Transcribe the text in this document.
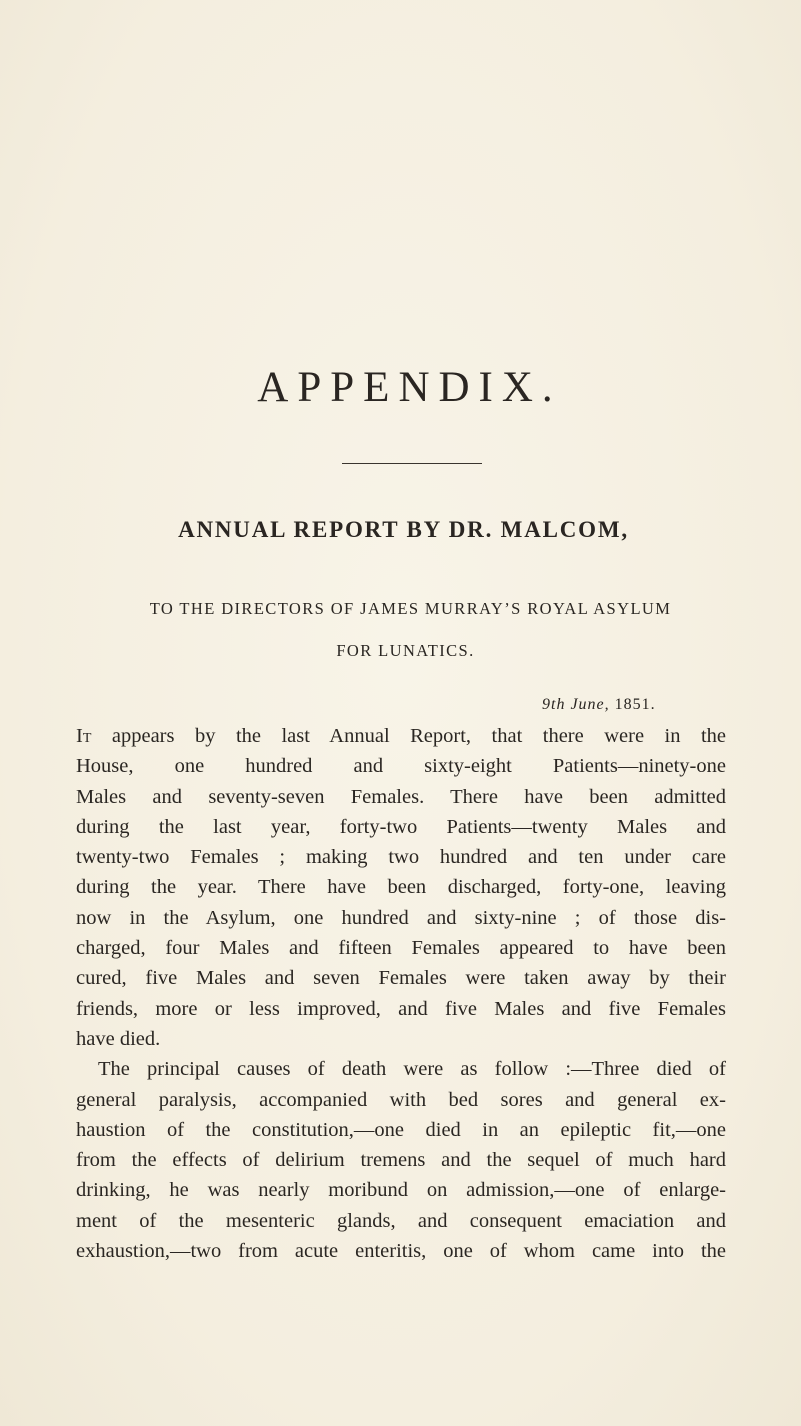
APPENDIX.
ANNUAL REPORT BY DR. MALCOM,

TO THE DIRECTORS OF JAMES MURRAY’S ROYAL ASYLUM

FOR LUNATICS.

9th June, 1851.

It appears by the last Annual Report, that there were in the
House, one hundred and sixty-eight Patients—ninety-one
Males and seventy-seven Females. There have been admitted
during the last year, forty-two Patients—twenty Males and
twenty-two Females ; making two hundred and ten under care
during the year. There have been discharged, forty-one, leaving
now in the Asylum, one hundred and sixty-nine ; of those dis-
charged, four Males and fifteen Females appeared to have been
cured, five Males and seven Females were taken away by their
friends, more or less improved, and five Males and five Females
have died.

The principal causes of death were as follow :—Three died of
general paralysis, accompanied with bed sores and general ex-
haustion of the constitution,—one died in an epileptic fit,—one
from the effects of delirium tremens and the sequel of much hard
drinking, he was nearly moribund on admission,—one of enlarge-
ment of the mesenteric glands, and consequent emaciation and
exhaustion,—two from acute enteritis, one of whom came into the
